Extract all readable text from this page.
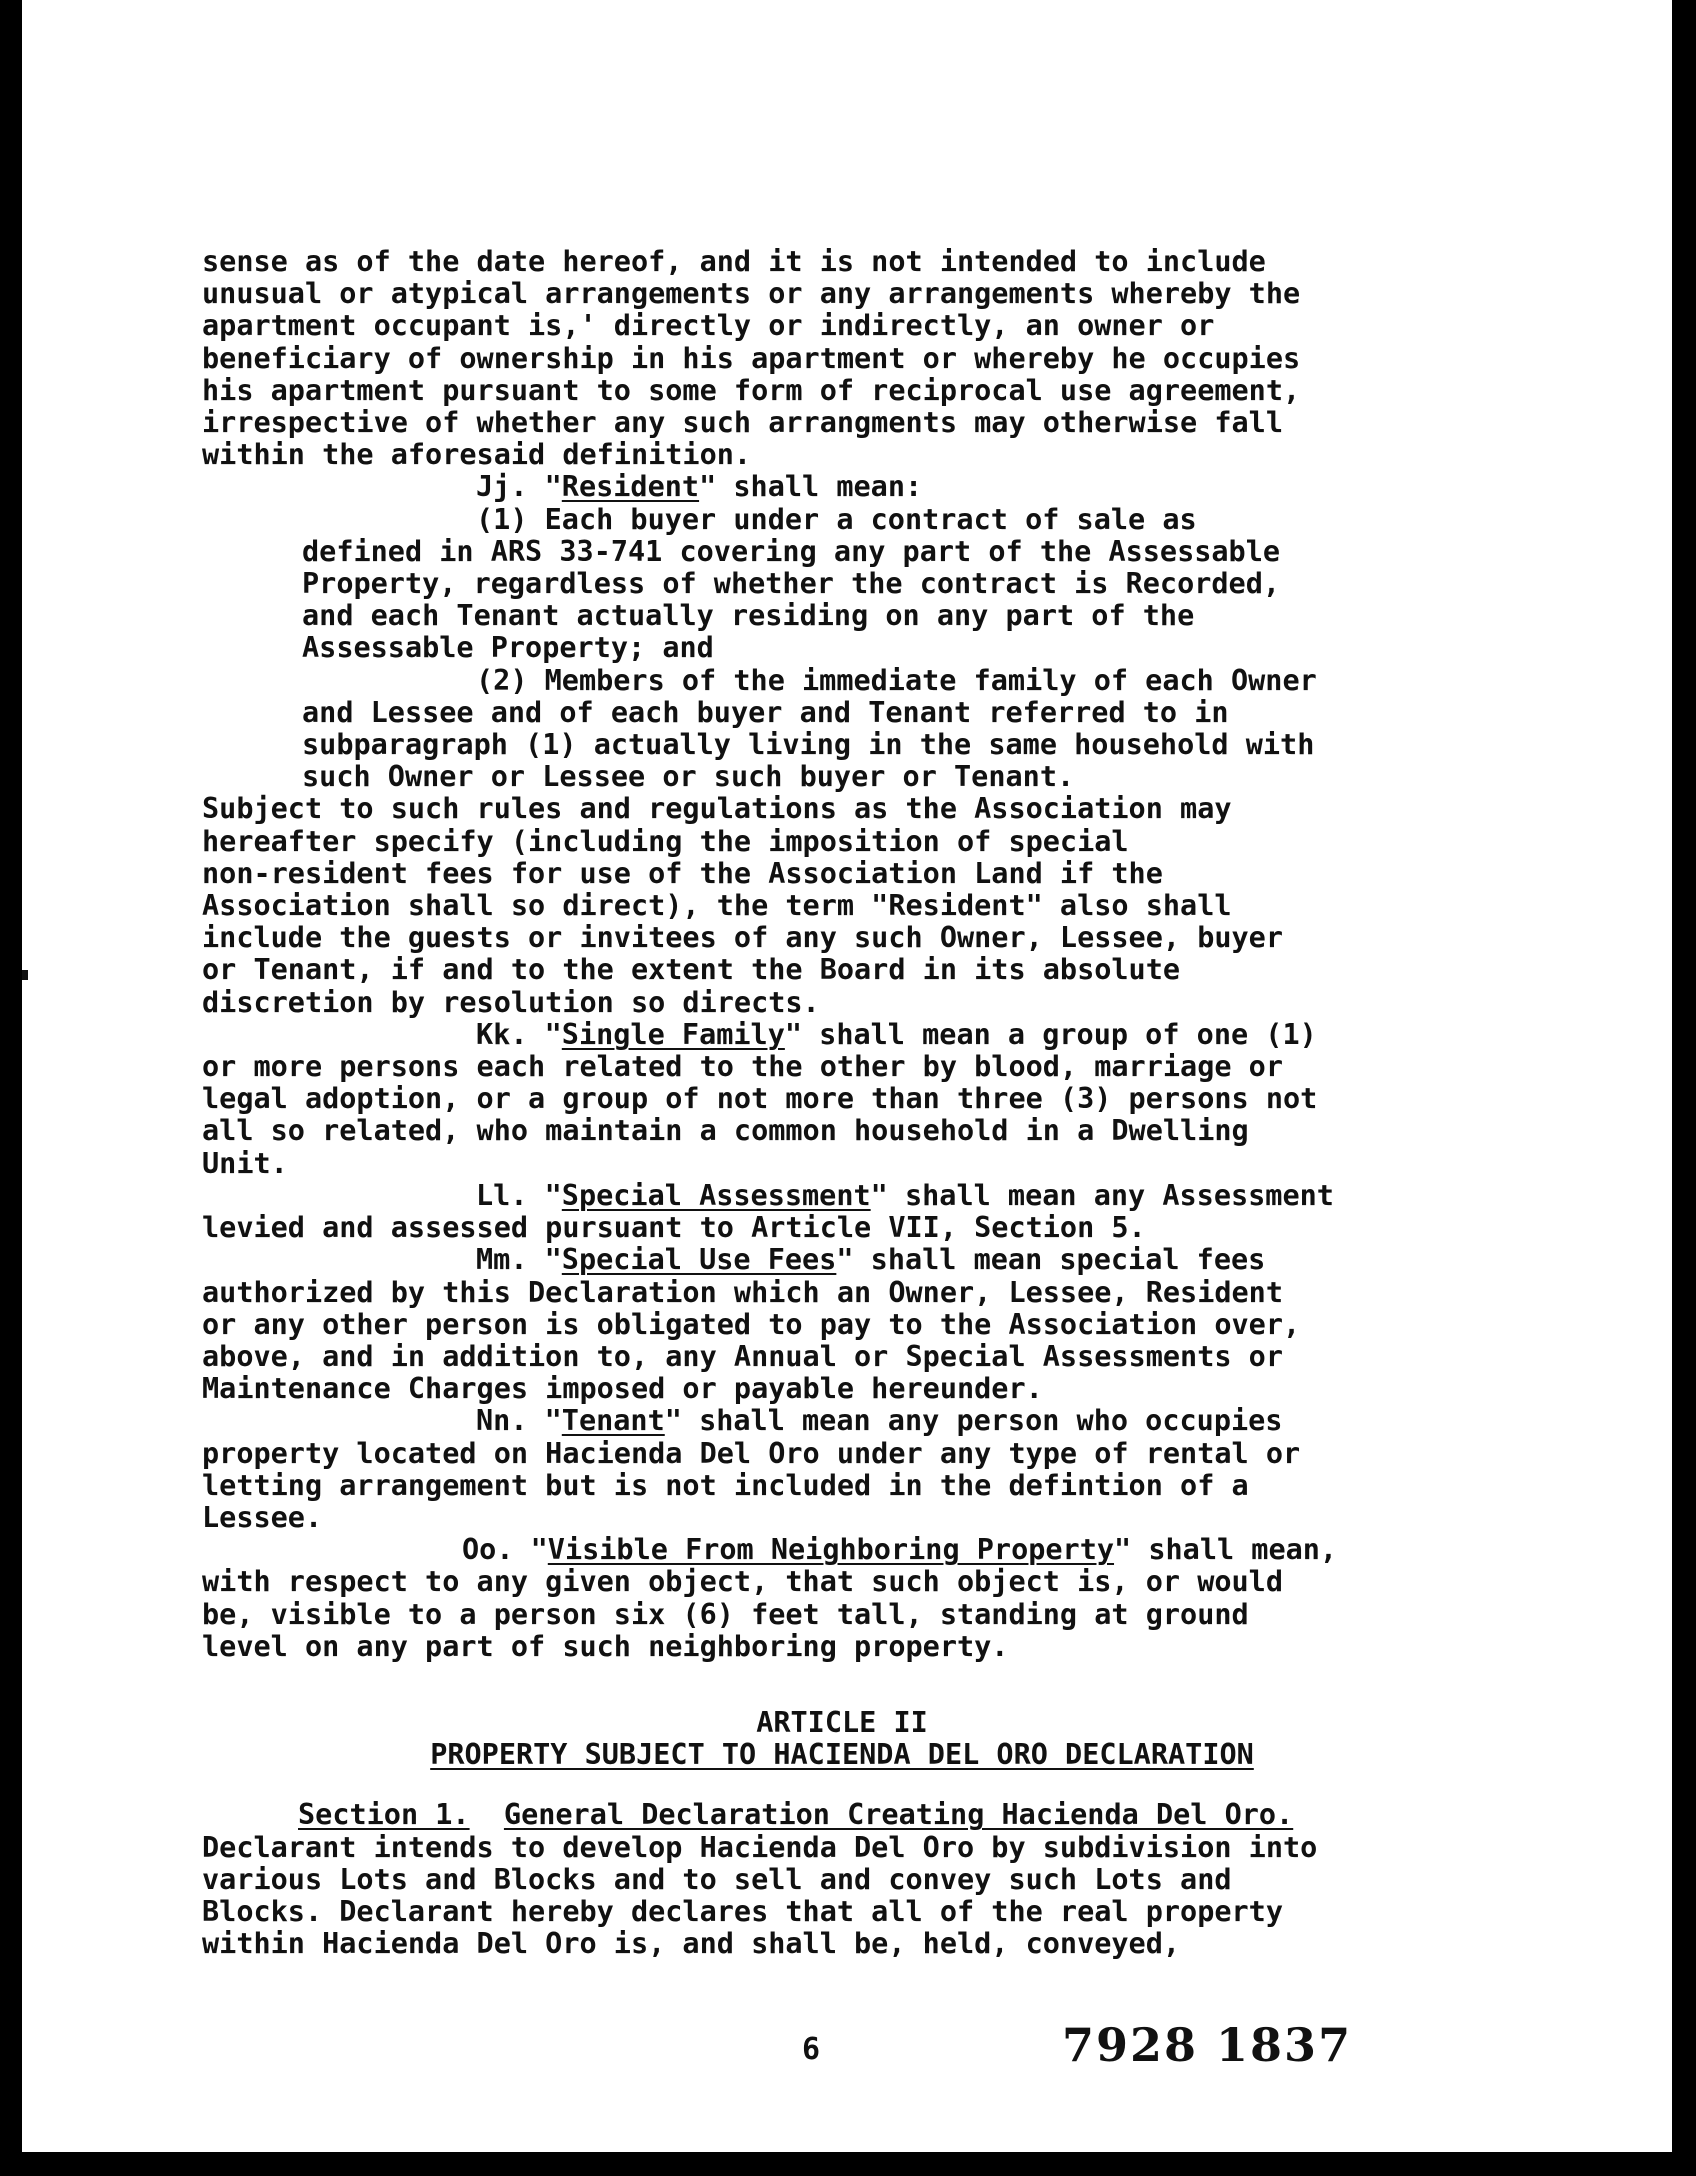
sense as of the date hereof, and it is not intended to include
unusual or atypical arrangements or any arrangements whereby the
apartment occupant is,' directly or indirectly, an owner or
beneficiary of ownership in his apartment or whereby he occupies
his apartment pursuant to some form of reciprocal use agreement,
irrespective of whether any such arrangments may otherwise fall
within the aforesaid definition.
Jj. "Resident" shall mean:
(1) Each buyer under a contract of sale as
defined in ARS 33-741 covering any part of the Assessable
Property, regardless of whether the contract is Recorded,
and each Tenant actually residing on any part of the
Assessable Property; and
(2) Members of the immediate family of each Owner
and Lessee and of each buyer and Tenant referred to in
subparagraph (1) actually living in the same household with
such Owner or Lessee or such buyer or Tenant.
Subject to such rules and regulations as the Association may
hereafter specify (including the imposition of special
non-resident fees for use of the Association Land if the
Association shall so direct), the term "Resident" also shall
include the guests or invitees of any such Owner, Lessee, buyer
or Tenant, if and to the extent the Board in its absolute
discretion by resolution so directs.
Kk. "Single Family" shall mean a group of one (1)
or more persons each related to the other by blood, marriage or
legal adoption, or a group of not more than three (3) persons not
all so related, who maintain a common household in a Dwelling
Unit.
Ll. "Special Assessment" shall mean any Assessment
levied and assessed pursuant to Article VII, Section 5.
Mm. "Special Use Fees" shall mean special fees
authorized by this Declaration which an Owner, Lessee, Resident
or any other person is obligated to pay to the Association over,
above, and in addition to, any Annual or Special Assessments or
Maintenance Charges imposed or payable hereunder.
Nn. "Tenant" shall mean any person who occupies
property located on Hacienda Del Oro under any type of rental or
letting arrangement but is not included in the defintion of a
Lessee.
Oo. "Visible From Neighboring Property" shall mean,
with respect to any given object, that such object is, or would
be, visible to a person six (6) feet tall, standing at ground
level on any part of such neighboring property.
ARTICLE II
PROPERTY SUBJECT TO HACIENDA DEL ORO DECLARATION
Section 1. General Declaration Creating Hacienda Del Oro.
Declarant intends to develop Hacienda Del Oro by subdivision into
various Lots and Blocks and to sell and convey such Lots and
Blocks. Declarant hereby declares that all of the real property
within Hacienda Del Oro is, and shall be, held, conveyed,
6	7928 1837
